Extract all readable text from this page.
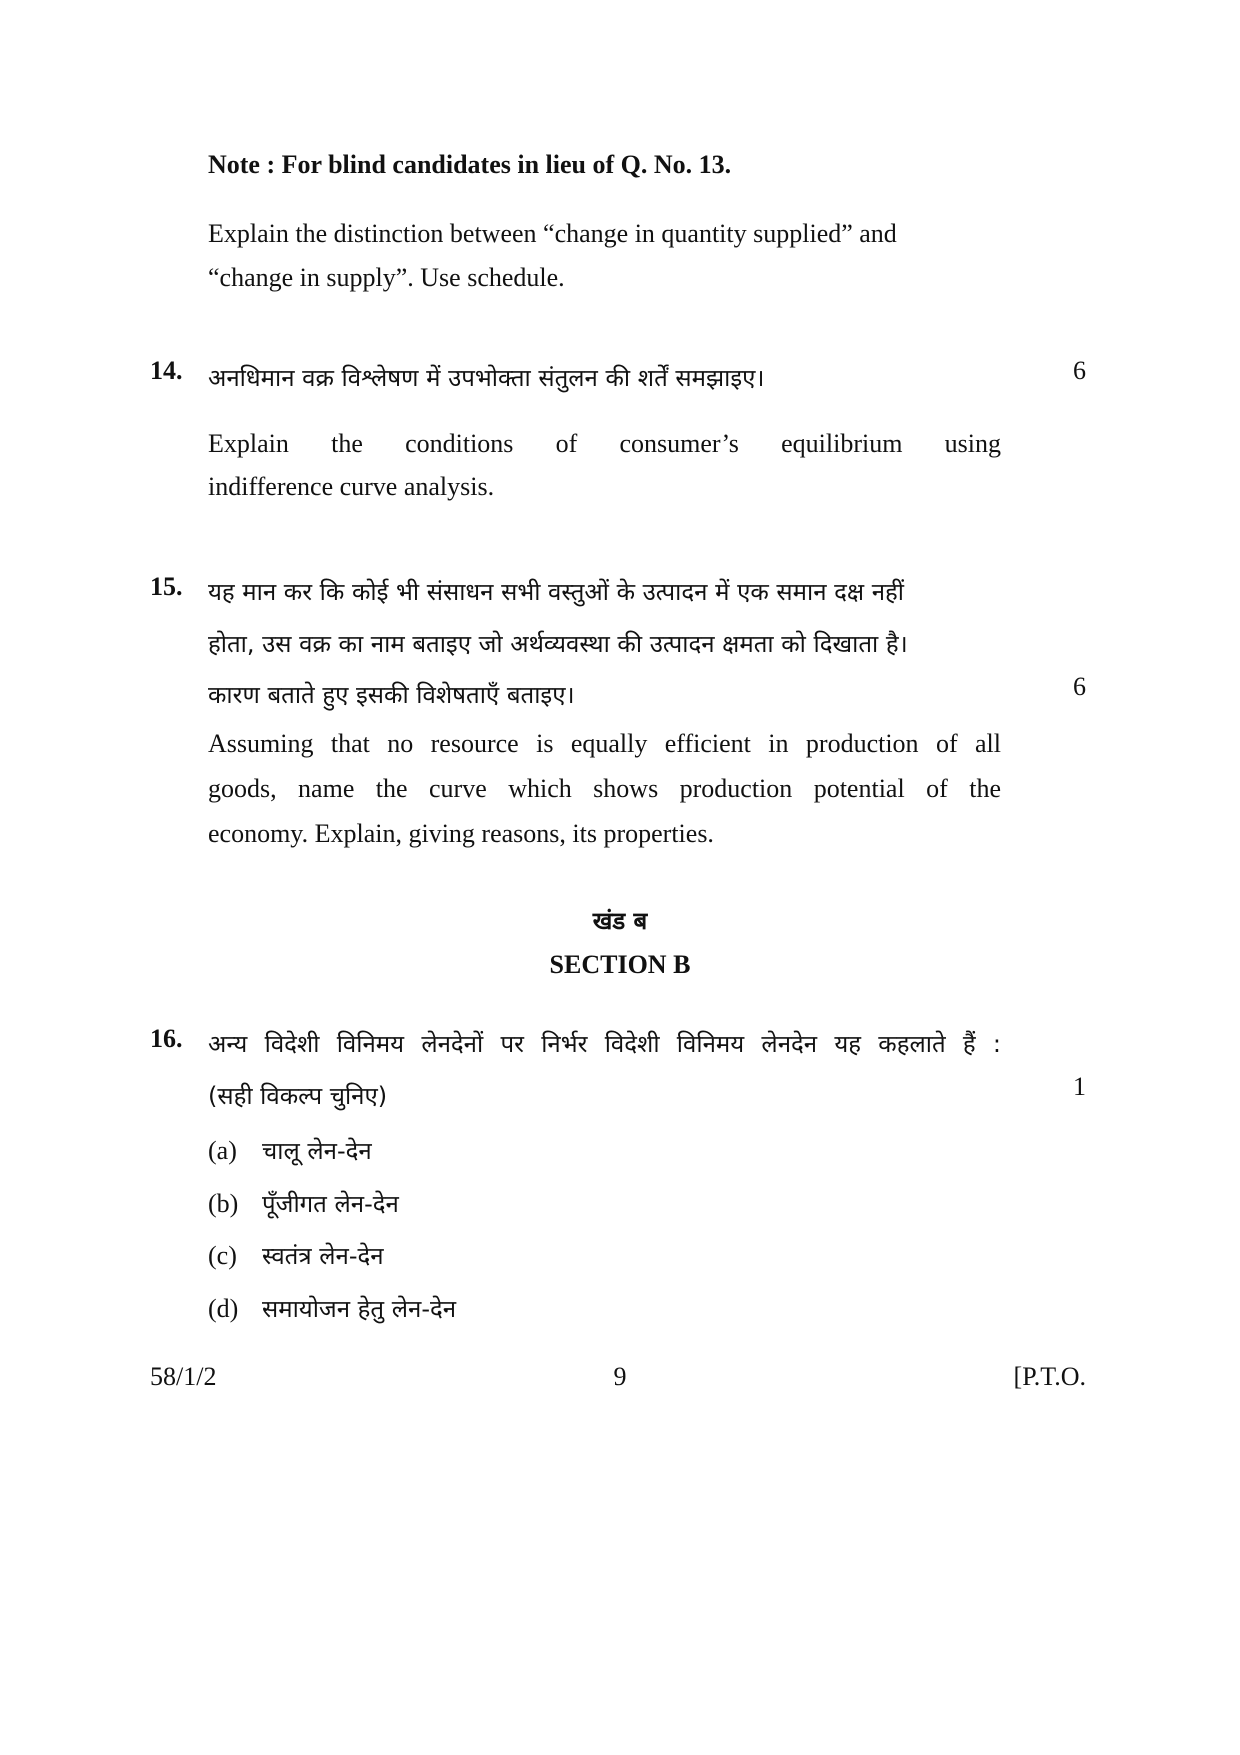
Note : For blind candidates in lieu of Q. No. 13.
Explain the distinction between “change in quantity supplied” and
“change in supply”. Use schedule.
14. अनधिमान वक्र विश्लेषण में उपभोक्ता संतुलन की शर्तें समझाइए।	6
Explain the conditions of consumer’s equilibrium using
indifference curve analysis.
15. यह मान कर कि कोई भी संसाधन सभी वस्तुओं के उत्पादन में एक समान दक्ष नहीं
होता, उस वक्र का नाम बताइए जो अर्थव्यवस्था की उत्पादन क्षमता को दिखाता है।
कारण बताते हुए इसकी विशेषताएँ बताइए।	6
Assuming that no resource is equally efficient in production of all
goods, name the curve which shows production potential of the
economy. Explain, giving reasons, its properties.
खंड ब
SECTION B
16. अन्य विदेशी विनिमय लेनदेनों पर निर्भर विदेशी विनिमय लेनदेन यह कहलाते हैं :
(सही विकल्प चुनिए)	1
(a) चालू लेन-देन
(b) पूँजीगत लेन-देन
(c) स्वतंत्र लेन-देन
(d) समायोजन हेतु लेन-देन
58/1/2	9	[P.T.O.
